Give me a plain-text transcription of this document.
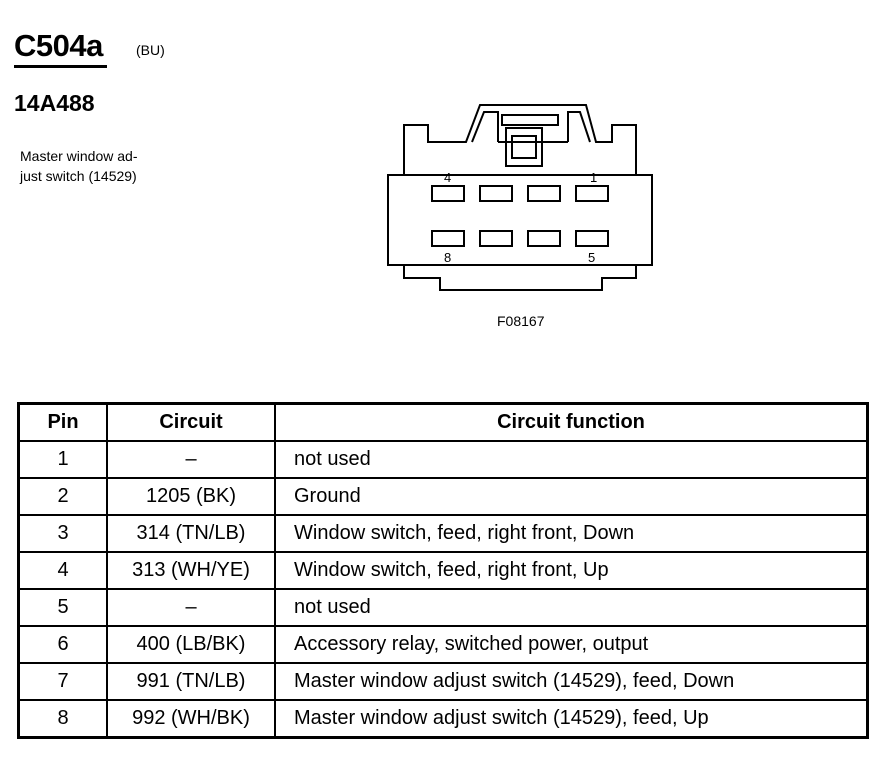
C504a (BU)
14A488
Master window ad-
just switch (14529)	4	1
8	5
F08167
Pin	Circuit	Circuit function
1	–	not used
2	1205 (BK)	Ground
3	314 (TN/LB)	Window switch, feed, right front, Down
4	313 (WH/YE)	Window switch, feed, right front, Up
5	–	not used
6	400 (LB/BK)	Accessory relay, switched power, output
7	991 (TN/LB)	Master window adjust switch (14529), feed, Down
8	992 (WH/BK)	Master window adjust switch (14529), feed, Up
